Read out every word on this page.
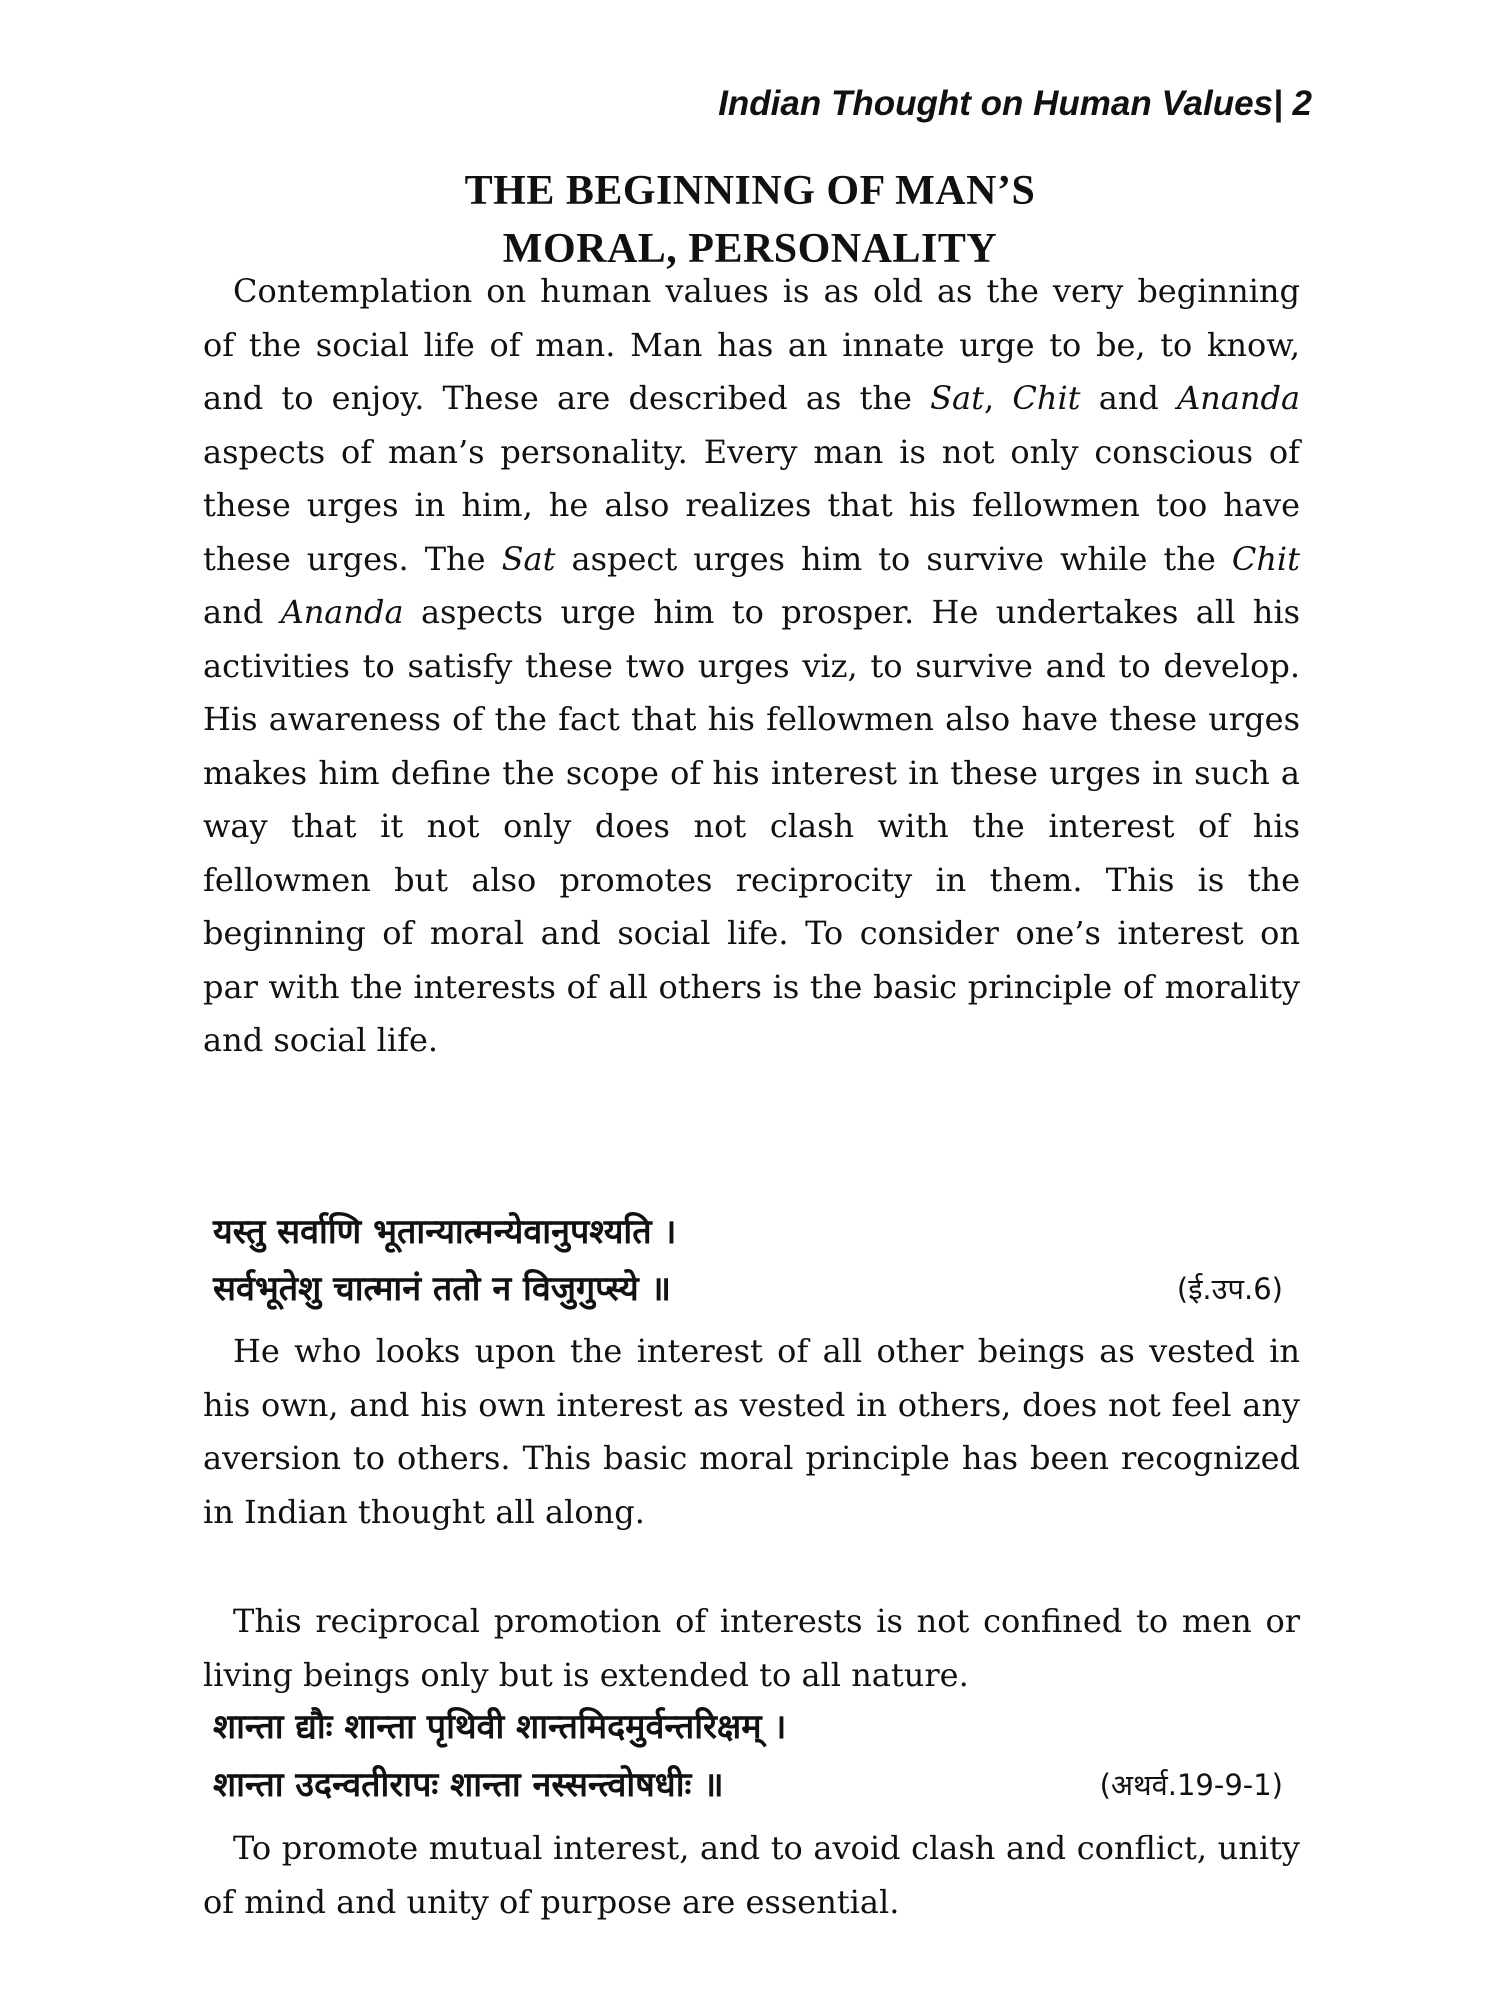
Indian Thought on Human Values| 2
THE BEGINNING OF MAN’S
MORAL, PERSONALITY

Contemplation on human values is as old as the very beginning of the social life of man. Man has an innate urge to be, to know, and to enjoy. These are described as the Sat, Chit and Ananda aspects of man’s personality. Every man is not only conscious of these urges in him, he also realizes that his fellowmen too have these urges. The Sat aspect urges him to survive while the Chit and Ananda aspects urge him to prosper. He undertakes all his activities to satisfy these two urges viz, to survive and to develop. His awareness of the fact that his fellowmen also have these urges makes him define the scope of his interest in these urges in such a way that it not only does not clash with the interest of his fellowmen but also promotes reciprocity in them. This is the beginning of moral and social life. To consider one’s interest on par with the interests of all others is the basic principle of morality and social life.

यस्तु सर्वाणि भूतान्यात्मन्येवानुपश्यति ।
सर्वभूतेशु चात्मानं ततो न विजुगुप्स्ये ॥	(ई.उप.6)

He who looks upon the interest of all other beings as vested in his own, and his own interest as vested in others, does not feel any aversion to others. This basic moral principle has been recognized in Indian thought all along.

This reciprocal promotion of interests is not confined to men or living beings only but is extended to all nature.

शान्ता द्यौः शान्ता पृथिवी शान्तमिदमुर्वन्तरिक्षम् ।
शान्ता उदन्वतीरापः शान्ता नस्सन्त्वोषधीः ॥	(अथर्व.19-9-1)

To promote mutual interest, and to avoid clash and conflict, unity of mind and unity of purpose are essential.
